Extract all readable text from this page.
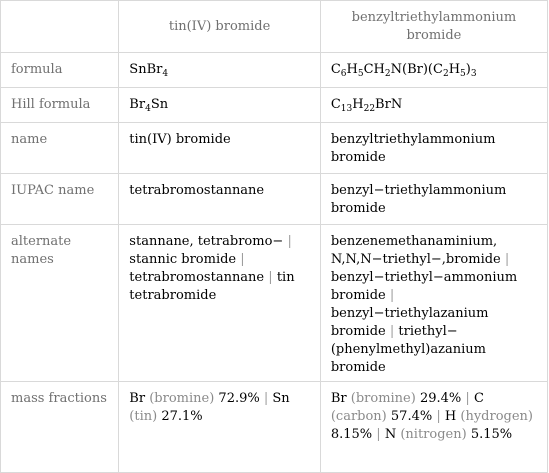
	tin(IV) bromide	benzyltriethylammonium bromide
formula	SnBr$_4$	$C_6H_5CH_2N(Br)(C_2H_5)_3$
Hill formula	$Br_4Sn$	$C_{13}H_{22}BrN$
name	tin(IV) bromide	benzyltriethylammonium bromide
IUPAC name	tetrabromostannane	benzyl−triethylammonium bromide
alternate names	stannane, tetrabromo− | stannic bromide | tetrabromostannane | tin tetrabromide	benzenemethanaminium, N,N,N−triethyl−,bromide | benzyl−triethyl−ammonium bromide | benzyl−triethylazanium bromide | triethyl−(phenylmethyl)azanium bromide
mass fractions	Br (bromine) 72.9% | Sn (tin) 27.1%	Br (bromine) 29.4% | C (carbon) 57.4% | H (hydrogen) 8.15% | N (nitrogen) 5.15%
